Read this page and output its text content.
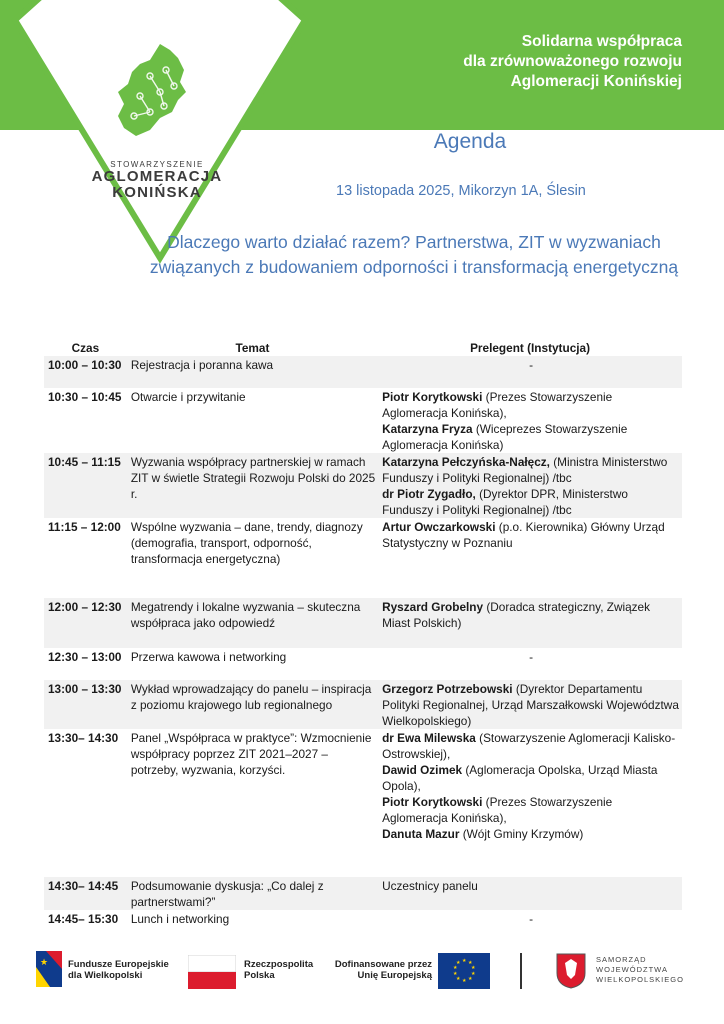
STOWARZYSZENIE
AGLOMERACJA
KONIŃSKA
Solidarna współpraca
dla zrównoważonego rozwoju
Aglomeracji Konińskiej
Agenda
13 listopada 2025, Mikorzyn 1A, Ślesin
Dlaczego warto działać razem? Partnerstwa, ZIT w wyzwaniach związanych z budowaniem odporności i transformacją energetyczną
Czas	Temat	Prelegent (Instytucja)
10:00 – 10:30	Rejestracja i poranna kawa	-

10:30 – 10:45	Otwarcie i przywitanie	Piotr Korytkowski (Prezes Stowarzyszenie Aglomeracja Konińska),
Katarzyna Fryza (Wiceprezes Stowarzyszenie Aglomeracja Konińska)

10:45 – 11:15	Wyzwania współpracy partnerskiej w ramach ZIT w świetle Strategii Rozwoju Polski do 2025 r.	Katarzyna Pełczyńska-Nałęcz, (Ministra Ministerstwo Funduszy i Polityki Regionalnej) /tbc
dr Piotr Zygadło, (Dyrektor DPR, Ministerstwo Funduszy i Polityki Regionalnej) /tbc

11:15 – 12:00	Wspólne wyzwania – dane, trendy, diagnozy (demografia, transport, odporność, transformacja energetyczna)	Artur Owczarkowski (p.o. Kierownika) Główny Urząd Statystyczny w Poznaniu

12:00 – 12:30	Megatrendy i lokalne wyzwania – skuteczna współpraca jako odpowiedź	Ryszard Grobelny (Doradca strategiczny, Związek Miast Polskich)

12:30 – 13:00	Przerwa kawowa i networking	-

13:00 – 13:30	Wykład wprowadzający do panelu – inspiracja z poziomu krajowego lub regionalnego	Grzegorz Potrzebowski (Dyrektor Departamentu Polityki Regionalnej, Urząd Marszałkowski Województwa Wielkopolskiego)

13:30– 14:30	Panel „Współpraca w praktyce”: Wzmocnienie współpracy poprzez ZIT 2021–2027 – potrzeby, wyzwania, korzyści.	dr Ewa Milewska (Stowarzyszenie Aglomeracji Kalisko-Ostrowskiej),
Dawid Ozimek (Aglomeracja Opolska, Urząd Miasta Opola),
Piotr Korytkowski (Prezes Stowarzyszenie Aglomeracja Konińska),
Danuta Mazur (Wójt Gminy Krzymów)

14:30– 14:45	Podsumowanie dyskusja: „Co dalej z partnerstwami?”	Uczestnicy panelu

14:45– 15:30	Lunch i networking	-
★ Fundusze Europejskie dla Wielkopolski
Rzeczpospolita Polska
Dofinansowane przez Unię Europejską
★ ★
★
★
★
★
★
★
★
★	SAMORZĄD WOJEWÓDZTWA WIELKOPOLSKIEGO
